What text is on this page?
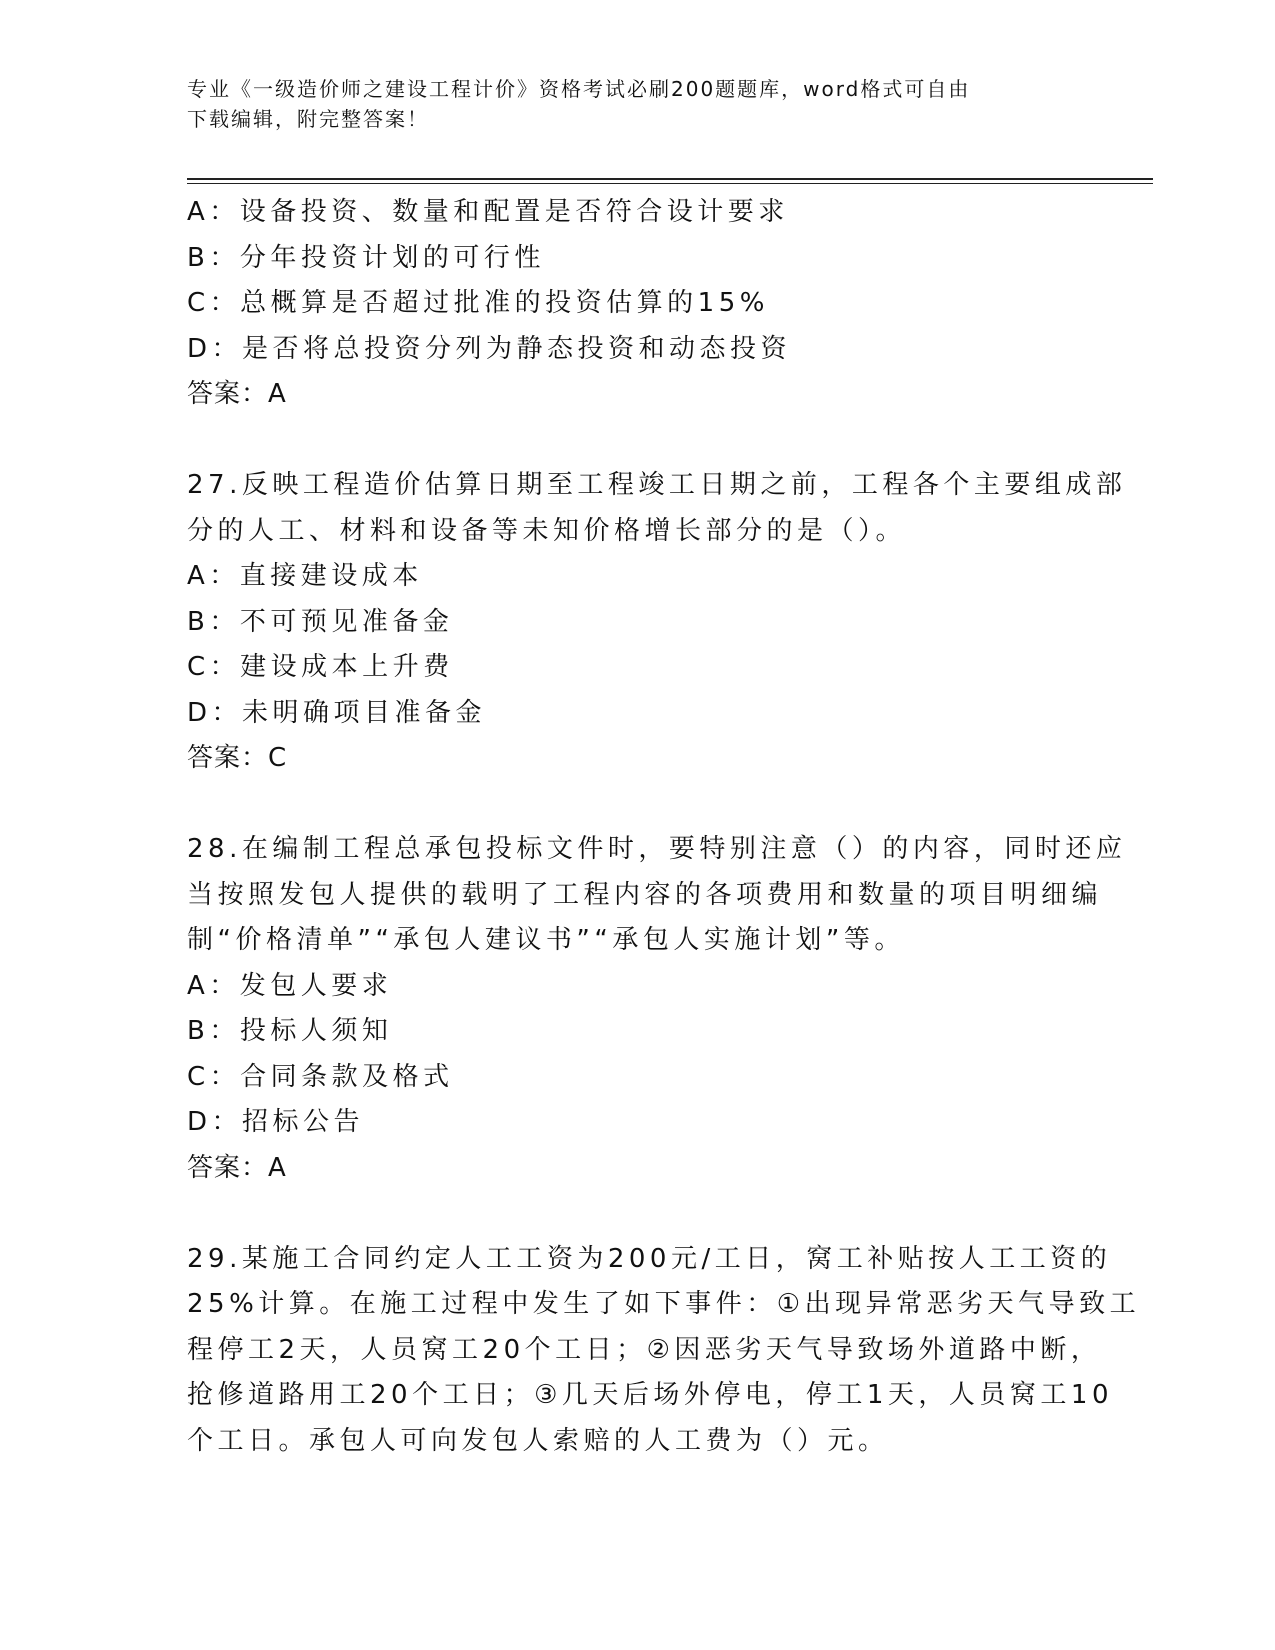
专业《一级造价师之建设工程计价》资格考试必刷200题题库，word格式可自由
下载编辑，附完整答案！
A：设备投资、数量和配置是否符合设计要求
B：分年投资计划的可行性
C：总概算是否超过批准的投资估算的15%
D：是否将总投资分列为静态投资和动态投资
答案：A
27.反映工程造价估算日期至工程竣工日期之前，工程各个主要组成部
分的人工、材料和设备等未知价格增长部分的是（）。
A：直接建设成本
B：不可预见准备金
C：建设成本上升费
D：未明确项目准备金
答案：C
28.在编制工程总承包投标文件时，要特别注意（）的内容，同时还应
当按照发包人提供的载明了工程内容的各项费用和数量的项目明细编
制“价格清单”“承包人建议书”“承包人实施计划”等。
A：发包人要求
B：投标人须知
C：合同条款及格式
D：招标公告
答案：A
29.某施工合同约定人工工资为200元/工日，窝工补贴按人工工资的
25%计算。在施工过程中发生了如下事件：①出现异常恶劣天气导致工
程停工2天，人员窝工20个工日；②因恶劣天气导致场外道路中断，
抢修道路用工20个工日；③几天后场外停电，停工1天，人员窝工10
个工日。承包人可向发包人索赔的人工费为（）元。
